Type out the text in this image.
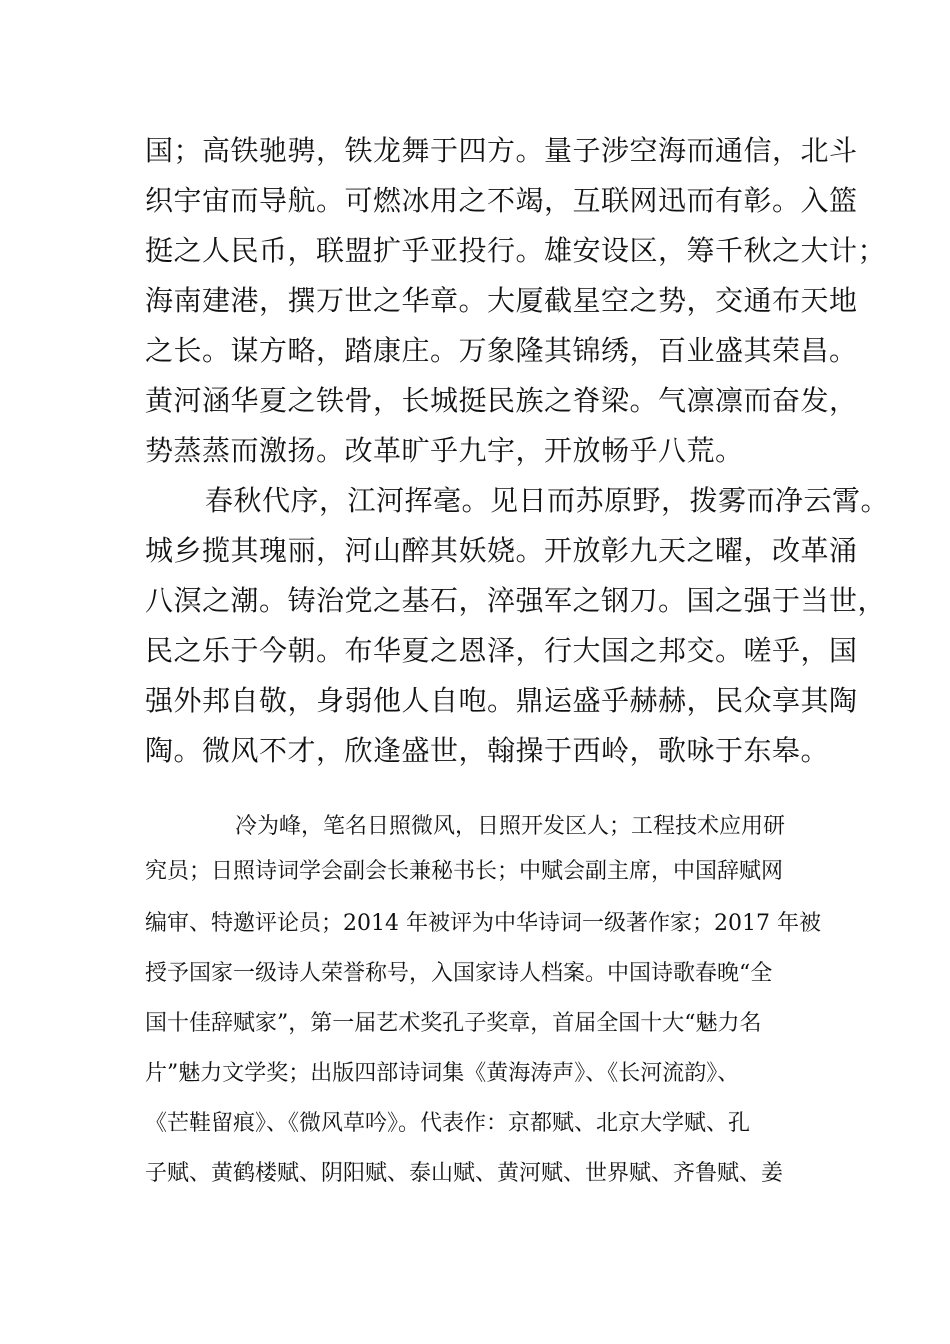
国；高铁驰骋，铁龙舞于四方。量子涉空海而通信，北斗
织宇宙而导航。可燃冰用之不竭，互联网迅而有彰。入篮
挺之人民币，联盟扩乎亚投行。雄安设区，筹千秋之大计；
海南建港，撰万世之华章。大厦截星空之势，交通布天地
之长。谋方略，踏康庄。万象隆其锦绣，百业盛其荣昌。
黄河涵华夏之铁骨，长城挺民族之脊梁。气凛凛而奋发，
势蒸蒸而激扬。改革旷乎九宇，开放畅乎八荒。
春秋代序，江河挥毫。见日而苏原野，拨雾而净云霄。
城乡揽其瑰丽，河山醉其妖娆。开放彰九天之曜，改革涌
八溟之潮。铸治党之基石，淬强军之钢刀。国之强于当世，
民之乐于今朝。布华夏之恩泽，行大国之邦交。嗟乎，国
强外邦自敬，身弱他人自咆。鼎运盛乎赫赫，民众享其陶
陶。微风不才，欣逢盛世，翰操于西岭，歌咏于东皋。
冷为峰，笔名日照微风，日照开发区人；工程技术应用研
究员；日照诗词学会副会长兼秘书长；中赋会副主席，中国辞赋网
编审、特邀评论员；2014 年被评为中华诗词一级著作家；2017 年被
授予国家一级诗人荣誉称号，入国家诗人档案。中国诗歌春晚“全
国十佳辞赋家”，第一届艺术奖孔子奖章，首届全国十大“魅力名
片”魅力文学奖；出版四部诗词集《黄海涛声》、《长河流韵》、
《芒鞋留痕》、《微风草吟》。代表作：京都赋、北京大学赋、孔
子赋、黄鹤楼赋、阴阳赋、泰山赋、黄河赋、世界赋、齐鲁赋、姜
